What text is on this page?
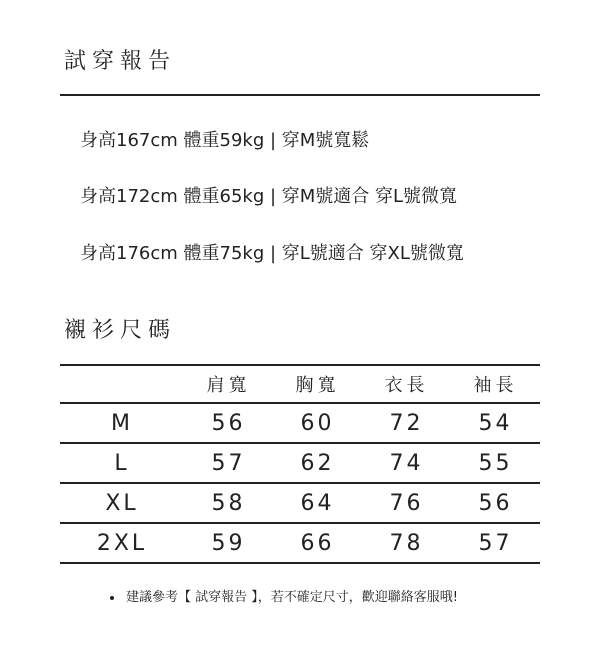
試穿報告
身高167cm 體重59kg | 穿M號寬鬆
身高172cm 體重65kg | 穿M號適合 穿L號微寬
身高176cm 體重75kg | 穿L號適合 穿XL號微寬
襯衫尺碼
	肩寬	胸寬	衣長	袖長
M	56	60	72	54
L	57	62	74	55
XL	58	64	76	56
2XL	59	66	78	57
建議參考【 試穿報告 】，若不確定尺寸，歡迎聯絡客服哦!
